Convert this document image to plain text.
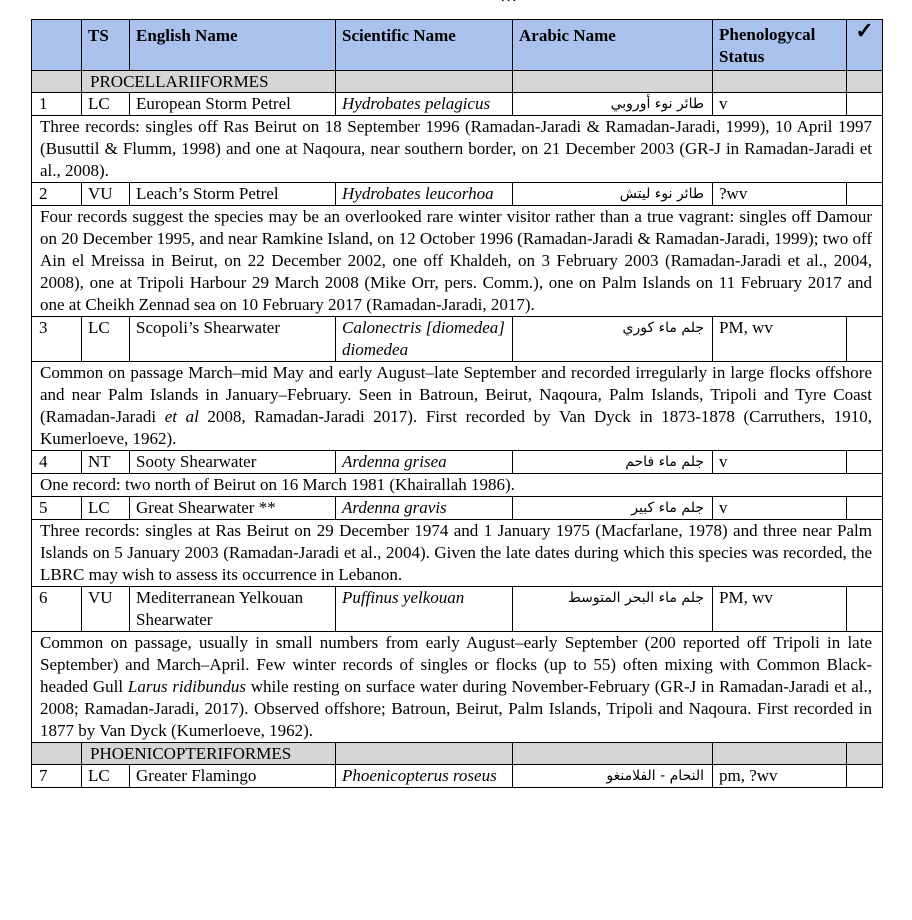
	TS	English Name	Scientific Name	Arabic Name	Phenologycal Status	✓
	PROCELLARIIFORMES					
1	LC	European Storm Petrel	Hydrobates pelagicus	طائر نوء أوروبي	v	
Three records: singles off Ras Beirut on 18 September 1996 (Ramadan-Jaradi & Ramadan-Jaradi, 1999), 10 April 1997 (Busuttil & Flumm, 1998) and one at Naqoura, near southern border, on 21 December 2003 (GR-J in Ramadan-Jaradi et al., 2008).						
2	VU	Leach’s Storm Petrel	Hydrobates leucorhoa	طائر نوء ليتش	?wv	
Four records suggest the species may be an overlooked rare winter visitor rather than a true vagrant: singles off Damour on 20 December 1995, and near Ramkine Island, on 12 October 1996 (Ramadan-Jaradi & Ramadan-Jaradi, 1999); two off Ain el Mreissa in Beirut, on 22 December 2002, one off Khaldeh, on 3 February 2003 (Ramadan-Jaradi et al., 2004, 2008), one at Tripoli Harbour 29 March 2008 (Mike Orr, pers. Comm.), one on Palm Islands on 11 February 2017 and one at Cheikh Zennad sea on 10 February 2017 (Ramadan-Jaradi, 2017).						
3	LC	Scopoli’s Shearwater	Calonectris [diomedea] diomedea	جلم ماء كوري	PM, wv	
Common on passage March–mid May and early August–late September and recorded irregularly in large flocks offshore and near Palm Islands in January–February. Seen in Batroun, Beirut, Naqoura, Palm Islands, Tripoli and Tyre Coast (Ramadan-Jaradi et al 2008, Ramadan-Jaradi 2017). First recorded by Van Dyck in 1873-1878 (Carruthers, 1910, Kumerloeve, 1962).						
4	NT	Sooty Shearwater	Ardenna grisea	جلم ماء فاحم	v	
One record: two north of Beirut on 16 March 1981 (Khairallah 1986).						
5	LC	Great Shearwater **	Ardenna gravis	جلم ماء كبير	v	
Three records: singles at Ras Beirut on 29 December 1974 and 1 January 1975 (Macfarlane, 1978) and three near Palm Islands on 5 January 2003 (Ramadan-Jaradi et al., 2004). Given the late dates during which this species was recorded, the LBRC may wish to assess its occurrence in Lebanon.						
6	VU	Mediterranean Yelkouan Shearwater	Puffinus yelkouan	جلم ماء البحر المتوسط	PM, wv	
Common on passage, usually in small numbers from early August–early September (200 reported off Tripoli in late September) and March–April. Few winter records of singles or flocks (up to 55) often mixing with Common Black-headed Gull Larus ridibundus while resting on surface water during November-February (GR-J in Ramadan-Jaradi et al., 2008; Ramadan-Jaradi, 2017). Observed offshore; Batroun, Beirut, Palm Islands, Tripoli and Naqoura. First recorded in 1877 by Van Dyck (Kumerloeve, 1962).						
	PHOENICOPTERIFORMES					
7	LC	Greater Flamingo	Phoenicopterus roseus	النحام - الفلامنغو	pm, ?wv	
